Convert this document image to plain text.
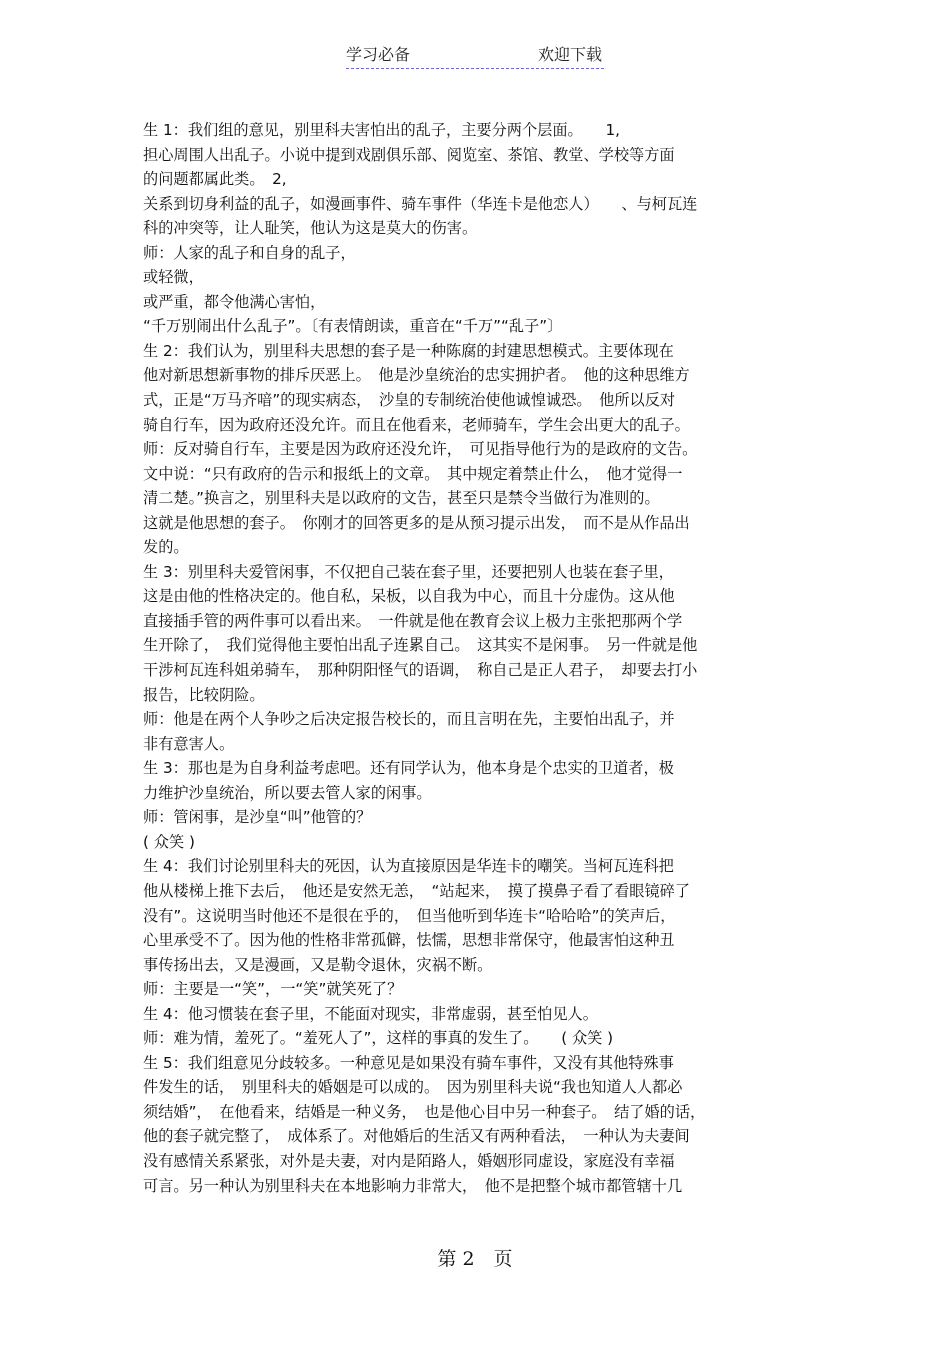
学习必备	欢迎下载
生 1：我们组的意见，别里科夫害怕出的乱子，主要分两个层面。　　1,
担心周围人出乱子。小说中提到戏剧俱乐部、阅览室、茶馆、教堂、学校等方面
的问题都属此类。　2,
关系到切身利益的乱子，如漫画事件、骑车事件（华连卡是他恋人）　　、与柯瓦连
科的冲突等，让人耻笑，他认为这是莫大的伤害。
师：人家的乱子和自身的乱子，
或轻微，
或严重，都令他满心害怕，
“千万别闹出什么乱子”。〔有表情朗读，重音在“千万”“乱子”〕
生 2：我们认为，别里科夫思想的套子是一种陈腐的封建思想模式。主要体现在
他对新思想新事物的排斥厌恶上。　他是沙皇统治的忠实拥护者。　他的这种思维方
式，正是“万马齐喑”的现实病态，　沙皇的专制统治使他诚惶诚恐。　他所以反对
骑自行车，因为政府还没允许。而且在他看来，老师骑车，学生会出更大的乱子。
师：反对骑自行车，主要是因为政府还没允许，　可见指导他行为的是政府的文告。
文中说：“只有政府的告示和报纸上的文章。　其中规定着禁止什么，　他才觉得一
清二楚。”换言之，别里科夫是以政府的文告，甚至只是禁令当做行为准则的。
这就是他思想的套子。　你刚才的回答更多的是从预习提示出发，　而不是从作品出
发的。
生 3：别里科夫爱管闲事，不仅把自己装在套子里，还要把别人也装在套子里，
这是由他的性格决定的。他自私，呆板，以自我为中心，而且十分虚伪。这从他
直接插手管的两件事可以看出来。　一件就是他在教育会议上极力主张把那两个学
生开除了，　我们觉得他主要怕出乱子连累自己。　这其实不是闲事。　另一件就是他
干涉柯瓦连科姐弟骑车，　那种阴阳怪气的语调，　称自己是正人君子，　却要去打小
报告，比较阴险。
师：他是在两个人争吵之后决定报告校长的，而且言明在先，主要怕出乱子，并
非有意害人。
生 3：那也是为自身利益考虑吧。还有同学认为，他本身是个忠实的卫道者，极
力维护沙皇统治，所以要去管人家的闲事。
师：管闲事，是沙皇“叫”他管的？
( 众笑 )
生 4：我们讨论别里科夫的死因，认为直接原因是华连卡的嘲笑。当柯瓦连科把
他从楼梯上推下去后，　他还是安然无恙，　“站起来，　摸了摸鼻子看了看眼镜碎了
没有”。这说明当时他还不是很在乎的，　但当他听到华连卡“哈哈哈”的笑声后，
心里承受不了。因为他的性格非常孤僻，怯懦，思想非常保守，他最害怕这种丑
事传扬出去，又是漫画，又是勒令退休，灾祸不断。
师：主要是一“笑”，一“笑”就笑死了？
生 4：他习惯装在套子里，不能面对现实，非常虚弱，甚至怕见人。
师：难为情，羞死了。“羞死人了”，这样的事真的发生了。　　( 众笑 )
生 5：我们组意见分歧较多。一种意见是如果没有骑车事件，又没有其他特殊事
件发生的话，　别里科夫的婚姻是可以成的。　因为别里科夫说“我也知道人人都必
须结婚”，　在他看来，结婚是一种义务，　也是他心目中另一种套子。　结了婚的话，
他的套子就完整了，　成体系了。对他婚后的生活又有两种看法，　一种认为夫妻间
没有感情关系紧张，对外是夫妻，对内是陌路人，婚姻形同虚设，家庭没有幸福
可言。另一种认为别里科夫在本地影响力非常大，　他不是把整个城市都管辖十几
第 2　页
